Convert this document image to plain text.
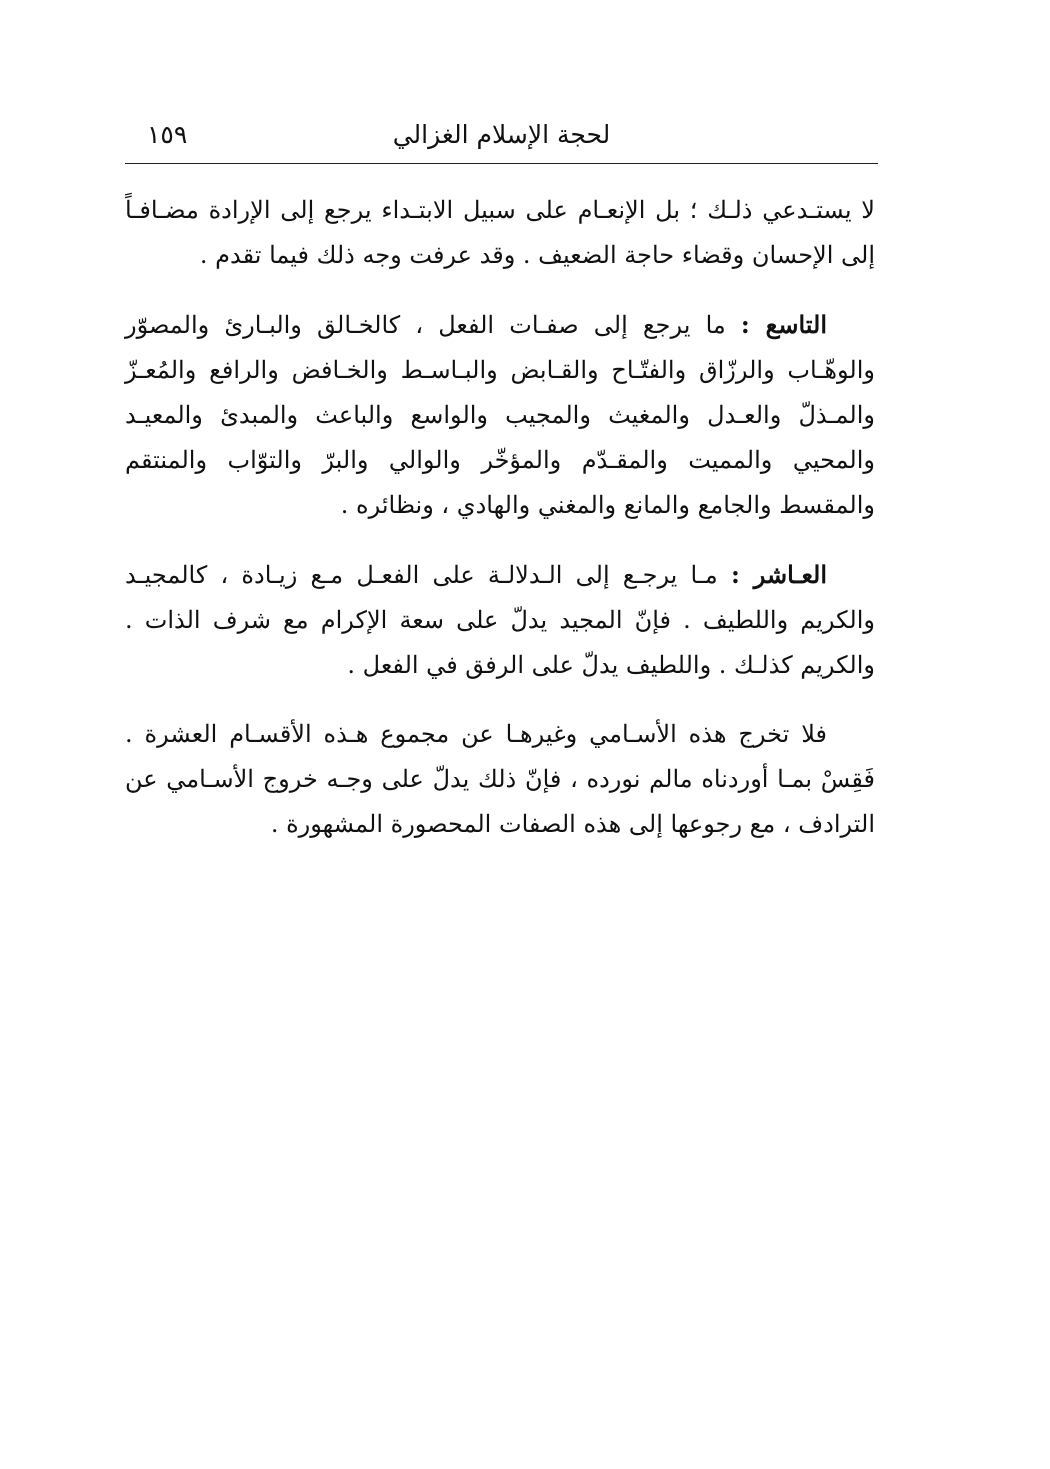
لحجة الإسلام الغزالي
١٥٩

لا يستـدعي ذلـك ؛ بل الإنعـام على سبيل الابتـداء يرجع إلى الإرادة مضـافـاً إلى الإحسان وقضاء حاجة الضعيف . وقد عرفت وجه ذلك فيما تقدم .

التاسع : ما يرجع إلى صفـات الفعل ، كالخـالق والبـارئ والمصوّر والوهّـاب والرزّاق والفتّـاح والقـابض والبـاسـط والخـافض والرافع والمُعـزّ والمـذلّ والعـدل والمغيث والمجيب والواسع والباعث والمبدئ والمعيـد والمحيي والمميت والمقـدّم والمؤخّر والوالي والبرّ والتوّاب والمنتقم والمقسط والجامع والمانع والمغني والهادي ، ونظائره .

العـاشر : مـا يرجـع إلى الـدلالـة على الفعـل مـع زيـادة ، كالمجيـد والكريم واللطيف . فإنّ المجيد يدلّ على سعة الإكرام مع شرف الذات . والكريم كذلـك . واللطيف يدلّ على الرفق في الفعل .

فلا تخرج هذه الأسـامي وغيرهـا عن مجموع هـذه الأقسـام العشرة . فَقِسْ بمـا أوردناه مالم نورده ، فإنّ ذلك يدلّ على وجـه خروج الأسـامي عن الترادف ، مع رجوعها إلى هذه الصفات المحصورة المشهورة .
